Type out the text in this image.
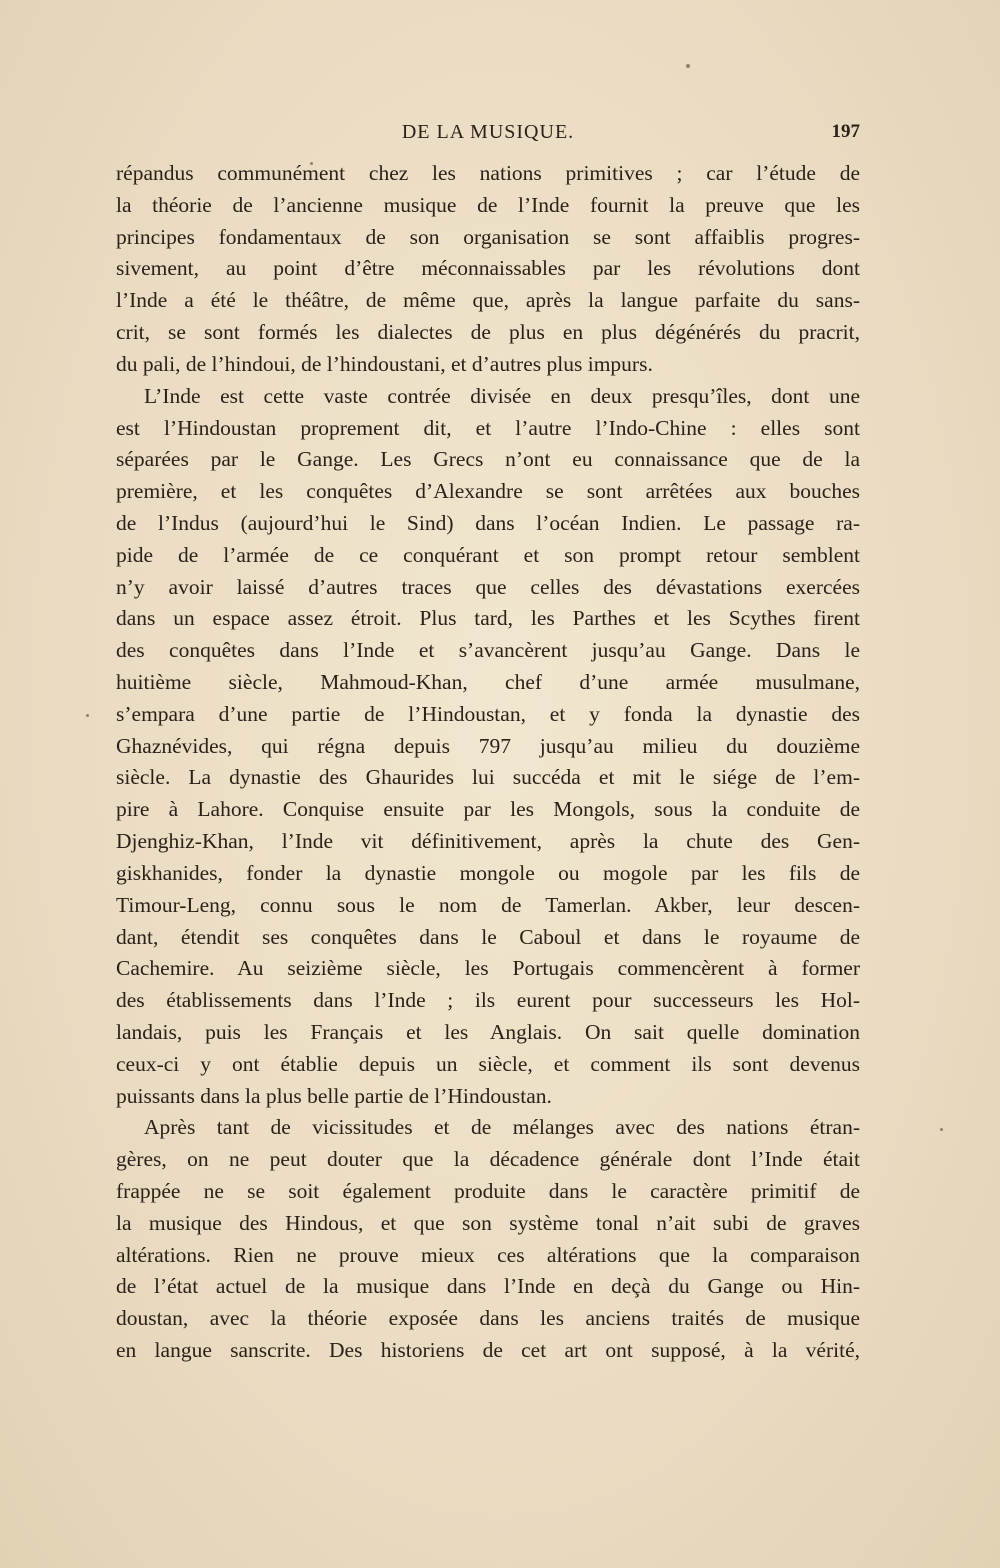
DE LA MUSIQUE.	197
répandus communément chez les nations primitives ; car l’étude de
la théorie de l’ancienne musique de l’Inde fournit la preuve que les
principes fondamentaux de son organisation se sont affaiblis progres-
sivement, au point d’être méconnaissables par les révolutions dont
l’Inde a été le théâtre, de même que, après la langue parfaite du sans-
crit, se sont formés les dialectes de plus en plus dégénérés du pracrit,
du pali, de l’hindoui, de l’hindoustani, et d’autres plus impurs.
L’Inde est cette vaste contrée divisée en deux presqu’îles, dont une
est l’Hindoustan proprement dit, et l’autre l’Indo-Chine : elles sont
séparées par le Gange. Les Grecs n’ont eu connaissance que de la
première, et les conquêtes d’Alexandre se sont arrêtées aux bouches
de l’Indus (aujourd’hui le Sind) dans l’océan Indien. Le passage ra-
pide de l’armée de ce conquérant et son prompt retour semblent
n’y avoir laissé d’autres traces que celles des dévastations exercées
dans un espace assez étroit. Plus tard, les Parthes et les Scythes firent
des conquêtes dans l’Inde et s’avancèrent jusqu’au Gange. Dans le
huitième siècle, Mahmoud-Khan, chef d’une armée musulmane,
s’empara d’une partie de l’Hindoustan, et y fonda la dynastie des
Ghaznévides, qui régna depuis 797 jusqu’au milieu du douzième
siècle. La dynastie des Ghaurides lui succéda et mit le siége de l’em-
pire à Lahore. Conquise ensuite par les Mongols, sous la conduite de
Djenghiz-Khan, l’Inde vit définitivement, après la chute des Gen-
giskhanides, fonder la dynastie mongole ou mogole par les fils de
Timour-Leng, connu sous le nom de Tamerlan. Akber, leur descen-
dant, étendit ses conquêtes dans le Caboul et dans le royaume de
Cachemire. Au seizième siècle, les Portugais commencèrent à former
des établissements dans l’Inde ; ils eurent pour successeurs les Hol-
landais, puis les Français et les Anglais. On sait quelle domination
ceux-ci y ont établie depuis un siècle, et comment ils sont devenus
puissants dans la plus belle partie de l’Hindoustan.
Après tant de vicissitudes et de mélanges avec des nations étran-
gères, on ne peut douter que la décadence générale dont l’Inde était
frappée ne se soit également produite dans le caractère primitif de
la musique des Hindous, et que son système tonal n’ait subi de graves
altérations. Rien ne prouve mieux ces altérations que la comparaison
de l’état actuel de la musique dans l’Inde en deçà du Gange ou Hin-
doustan, avec la théorie exposée dans les anciens traités de musique
en langue sanscrite. Des historiens de cet art ont supposé, à la vérité,
